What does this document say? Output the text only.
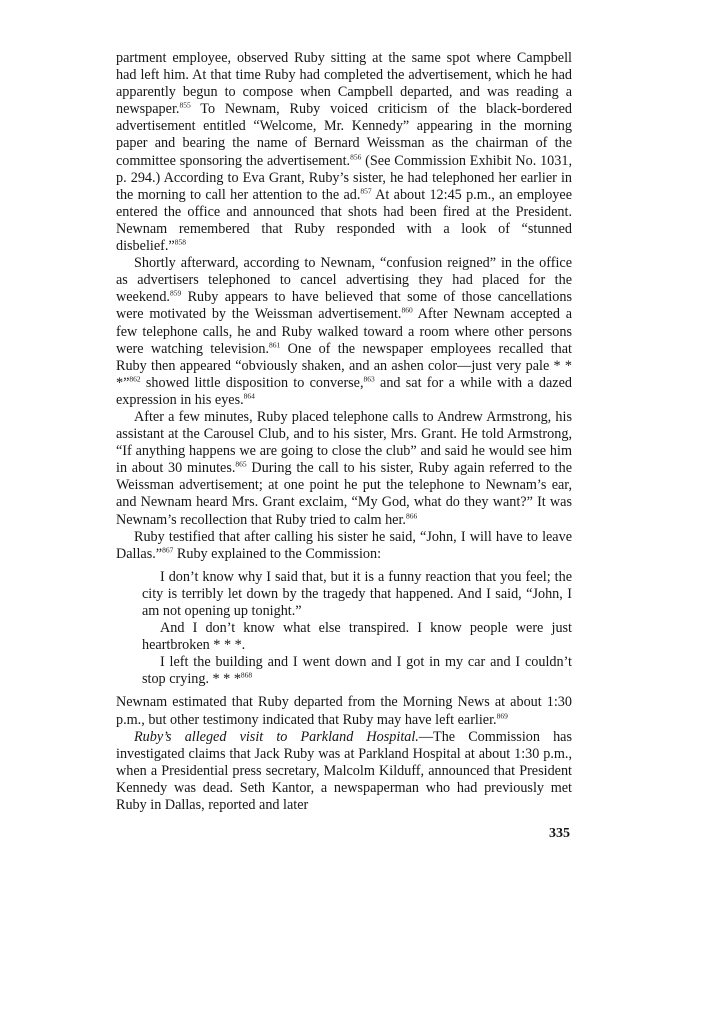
partment employee, observed Ruby sitting at the same spot where Campbell had left him. At that time Ruby had completed the advertisement, which he had apparently begun to compose when Campbell departed, and was reading a newspaper.$^{855}$ To Newnam, Ruby voiced criticism of the black-bordered advertisement entitled “Welcome, Mr. Kennedy” appearing in the morning paper and bearing the name of Bernard Weissman as the chairman of the committee sponsoring the advertisement.$^{856}$ (See Commission Exhibit No. 1031, p. 294.) According to Eva Grant, Ruby’s sister, he had telephoned her earlier in the morning to call her attention to the ad.$^{857}$ At about 12:45 p.m., an employee entered the office and announced that shots had been fired at the President. Newnam remembered that Ruby responded with a look of “stunned disbelief.”$^{858}$

Shortly afterward, according to Newnam, “confusion reigned” in the office as advertisers telephoned to cancel advertising they had placed for the weekend.$^{859}$ Ruby appears to have believed that some of those cancellations were motivated by the Weissman advertisement.$^{860}$ After Newnam accepted a few telephone calls, he and Ruby walked toward a room where other persons were watching television.$^{861}$ One of the newspaper employees recalled that Ruby then appeared “obviously shaken, and an ashen color—just very pale * * *”$^{862}$ showed little disposition to converse,$^{863}$ and sat for a while with a dazed expression in his eyes.$^{864}$

After a few minutes, Ruby placed telephone calls to Andrew Armstrong, his assistant at the Carousel Club, and to his sister, Mrs. Grant. He told Armstrong, “If anything happens we are going to close the club” and said he would see him in about 30 minutes.$^{865}$ During the call to his sister, Ruby again referred to the Weissman advertisement; at one point he put the telephone to Newnam’s ear, and Newnam heard Mrs. Grant exclaim, “My God, what do they want?” It was Newnam’s recollection that Ruby tried to calm her.$^{866}$

Ruby testified that after calling his sister he said, “John, I will have to leave Dallas.”$^{867}$ Ruby explained to the Commission:

I don’t know why I said that, but it is a funny reaction that you feel; the city is terribly let down by the tragedy that happened. And I said, “John, I am not opening up tonight.”

And I don’t know what else transpired. I know people were just heartbroken * * *.

I left the building and I went down and I got in my car and I couldn’t stop crying. * * *$^{868}$

Newnam estimated that Ruby departed from the Morning News at about 1:30 p.m., but other testimony indicated that Ruby may have left earlier.$^{869}$

Ruby’s alleged visit to Parkland Hospital.—The Commission has investigated claims that Jack Ruby was at Parkland Hospital at about 1:30 p.m., when a Presidential press secretary, Malcolm Kilduff, announced that President Kennedy was dead. Seth Kantor, a newspaperman who had previously met Ruby in Dallas, reported and later

335
